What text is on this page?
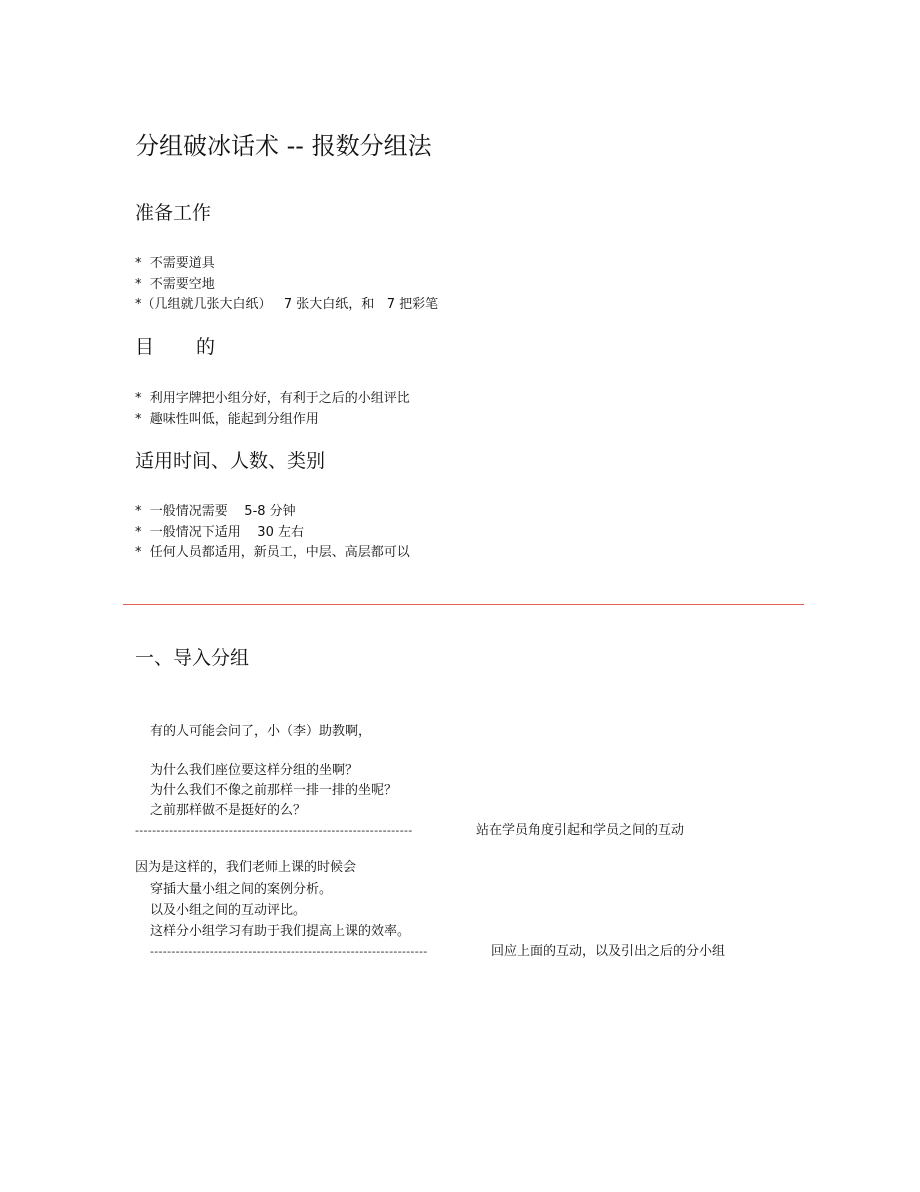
分组破冰话术 -- 报数分组法
准备工作
*  不需要道具
*  不需要空地
*（几组就几张大白纸）   7 张大白纸，和   7 把彩笔
目 的
*  利用字牌把小组分好，有利于之后的小组评比
*  趣味性叫低，能起到分组作用
适用时间、人数、类别
*  一般情况需要    5-8 分钟
*  一般情况下适用    30 左右
*  任何人员都适用，新员工，中层、高层都可以
一、导入分组

有的人可能会问了，小（李）助教啊，

为什么我们座位要这样分组的坐啊？

为什么我们不像之前那样一排一排的坐呢？

之前那样做不是挺好的么？

-----------------------------------------------------------------	站在学员角度引起和学员之间的互动

因为是这样的，我们老师上课的时候会

穿插大量小组之间的案例分析。

以及小组之间的互动评比。

这样分小组学习有助于我们提高上课的效率。

-----------------------------------------------------------------	回应上面的互动，以及引出之后的分小组
